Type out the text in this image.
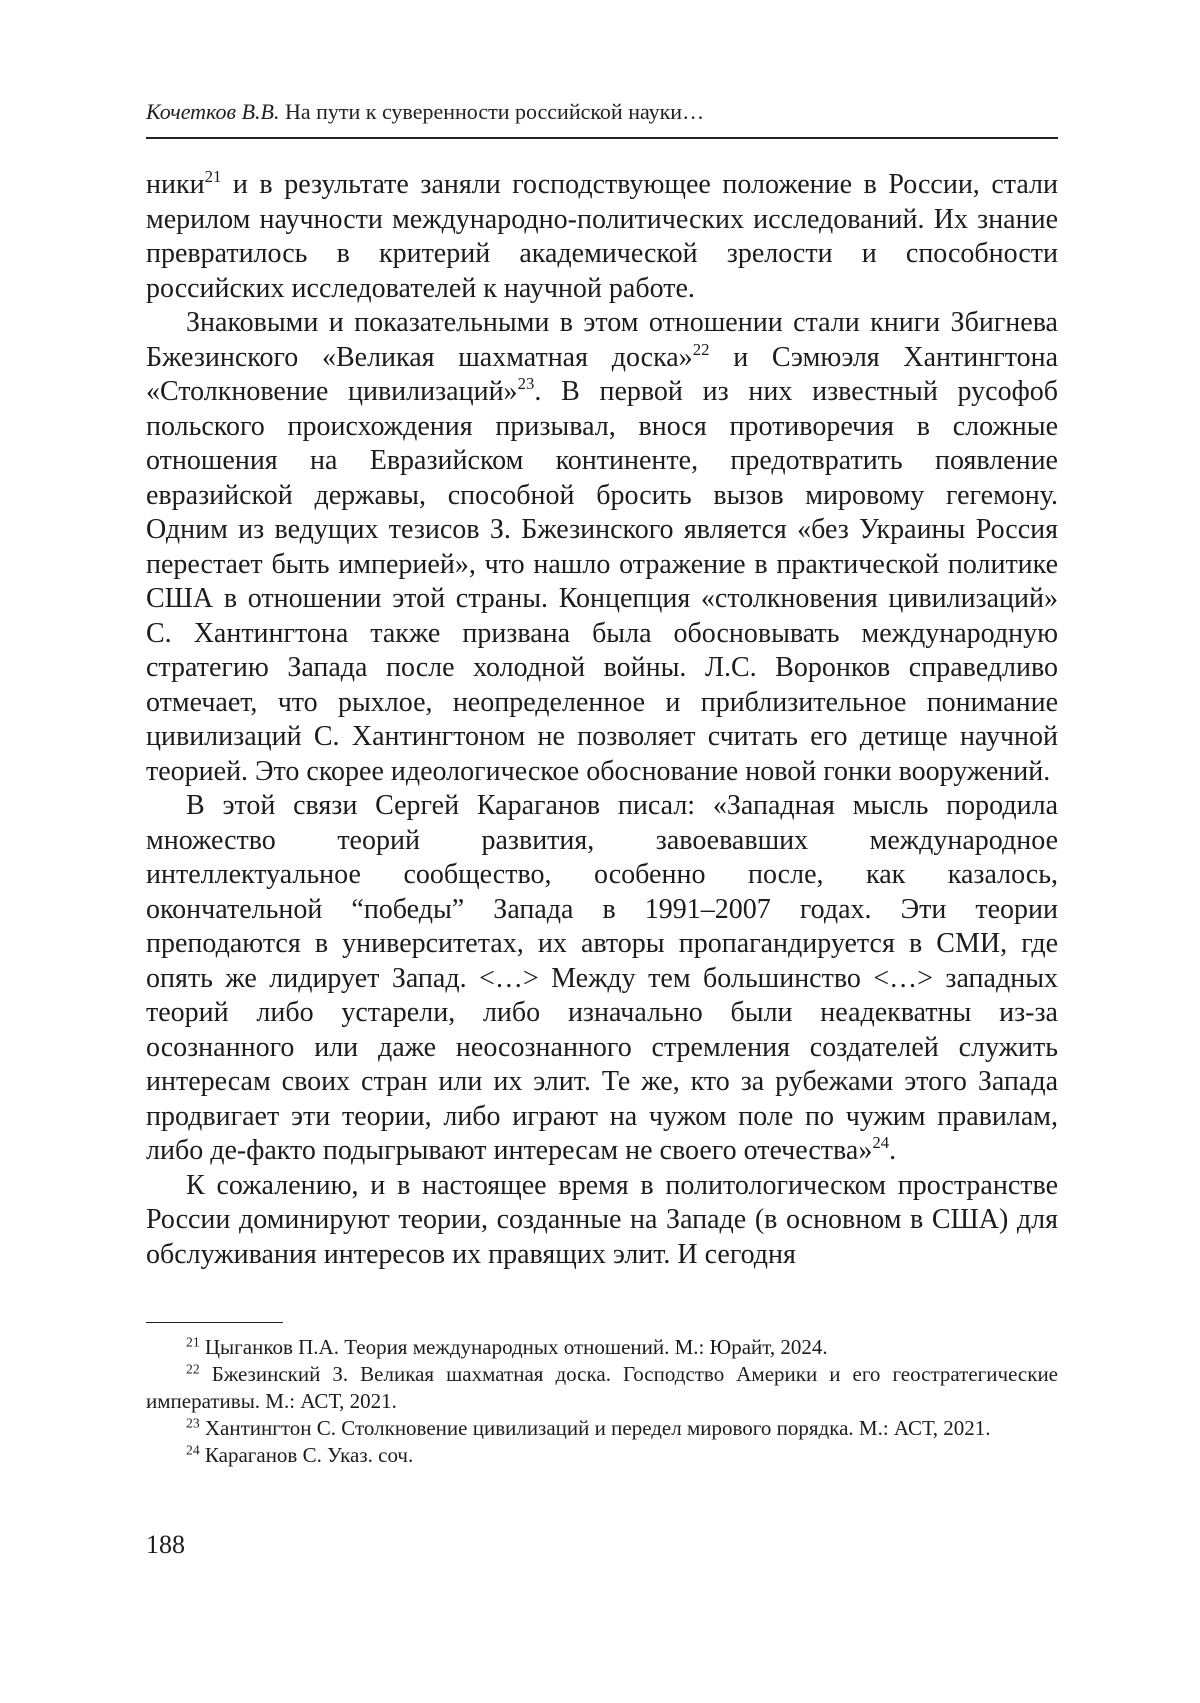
Кочетков В.В. На пути к суверенности российской науки…

ники$^{21}$ и в результате заняли господствующее положение в России, стали мерилом научности международно-политических исследований. Их знание превратилось в критерий академической зрелости и способности российских исследователей к научной работе.

Знаковыми и показательными в этом отношении стали книги Збигнева Бжезинского «Великая шахматная доска»$^{22}$ и Сэмюэля Хантингтона «Столкновение цивилизаций»$^{23}$. В первой из них известный русофоб польского происхождения призывал, внося противоречия в сложные отношения на Евразийском континенте, предотвратить появление евразийской державы, способной бросить вызов мировому гегемону. Одним из ведущих тезисов З. Бжезинского является «без Украины Россия перестает быть империей», что нашло отражение в практической политике США в отношении этой страны. Концепция «столкновения цивилизаций» С. Хантингтона также призвана была обосновывать международную стратегию Запада после холодной войны. Л.С. Воронков справедливо отмечает, что рыхлое, неопределенное и приблизительное понимание цивилизаций С. Хантингтоном не позволяет считать его детище научной теорией. Это скорее идеологическое обоснование новой гонки вооружений.

В этой связи Сергей Караганов писал: «Западная мысль породила множество теорий развития, завоевавших международное интеллектуальное сообщество, особенно после, как казалось, окончательной “победы” Запада в 1991–2007 годах. Эти теории преподаются в университетах, их авторы пропагандируется в СМИ, где опять же лидирует Запад. <…> Между тем большинство <…> западных теорий либо устарели, либо изначально были неадекватны из-за осознанного или даже неосознанного стремления создателей служить интересам своих стран или их элит. Те же, кто за рубежами этого Запада продвигает эти теории, либо играют на чужом поле по чужим правилам, либо де-факто подыгрывают интересам не своего отечества»$^{24}$.

К сожалению, и в настоящее время в политологическом пространстве России доминируют теории, созданные на Западе (в основном в США) для обслуживания интересов их правящих элит. И сегодня

$^{21}$ Цыганков П.А. Теория международных отношений. М.: Юрайт, 2024.

$^{22}$ Бжезинский З. Великая шахматная доска. Господство Америки и его геостратегические императивы. М.: АСТ, 2021.

$^{23}$ Хантингтон С. Столкновение цивилизаций и передел мирового порядка. М.: АСТ, 2021.

$^{24}$ Караганов С. Указ. соч.

188
